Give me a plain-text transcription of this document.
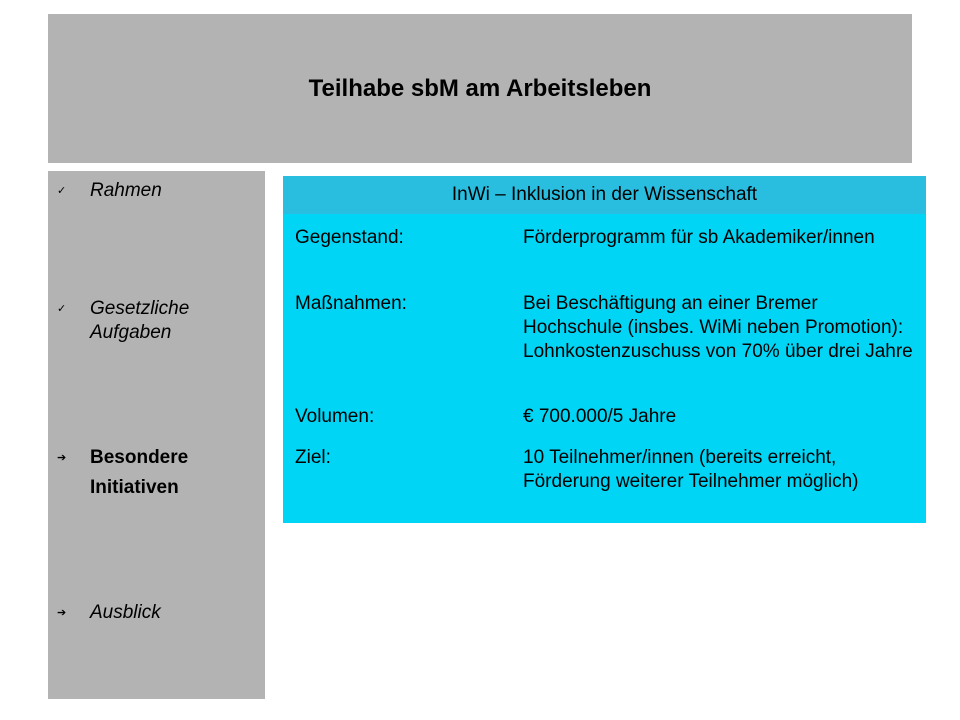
Teilhabe sbM am Arbeitsleben
✓ Rahmen
✓ Gesetzliche Aufgaben
➔ Besondere
Initiativen
➔ Ausblick
InWi – Inklusion in der Wissenschaft
Gegenstand:	Förderprogramm für sb Akademiker/innen
Maßnahmen:	Bei Beschäftigung an einer Bremer Hochschule (insbes. WiMi neben Promotion): Lohnkostenzuschuss von 70% über drei Jahre
Volumen:	€ 700.000/5 Jahre
Ziel:	10 Teilnehmer/innen (bereits erreicht, Förderung weiterer Teilnehmer möglich)
